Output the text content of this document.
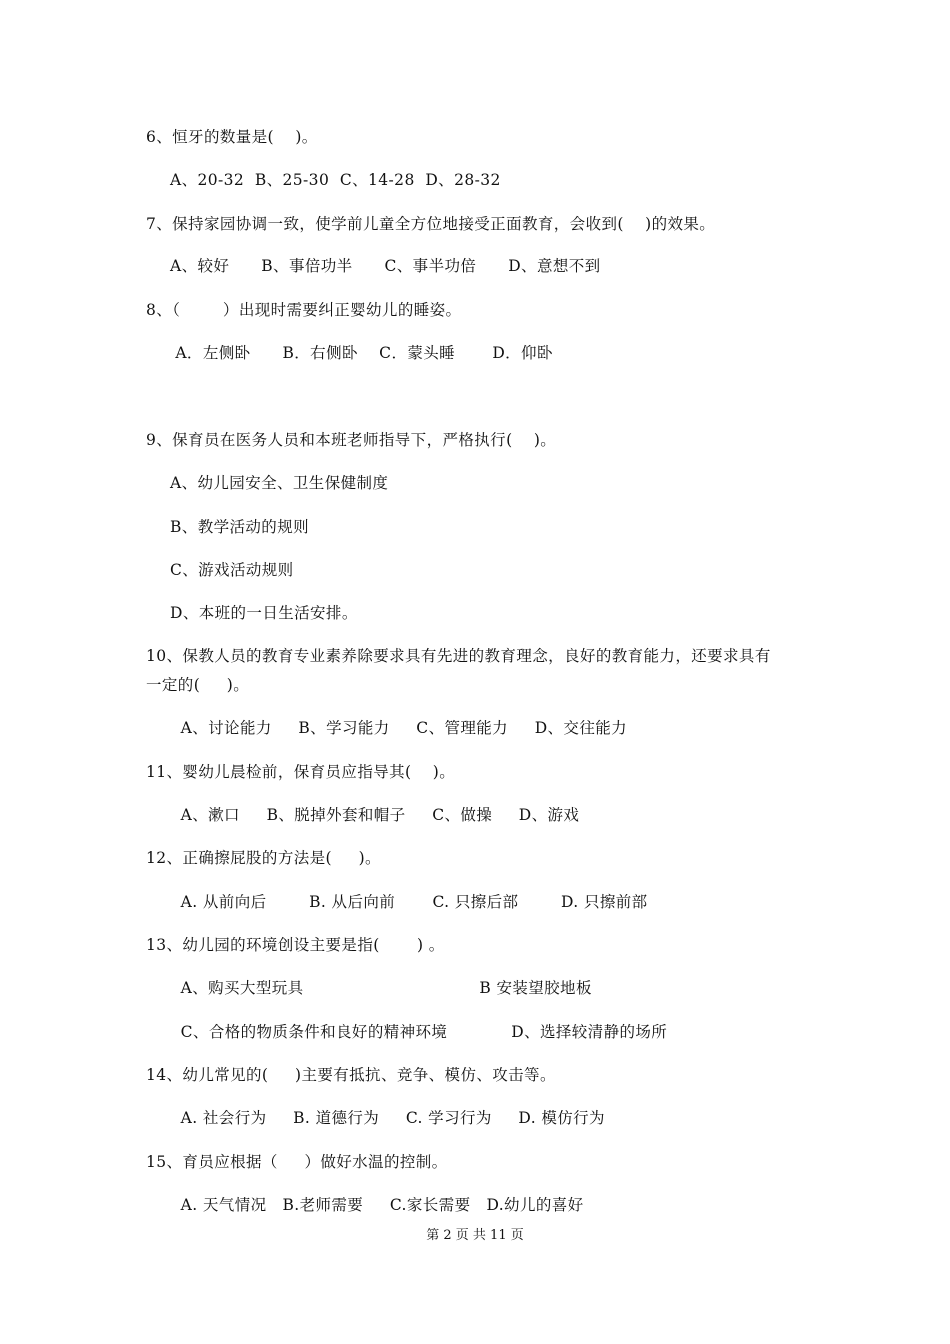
6、恒牙的数量是(    )。
A、20-32  B、25-30  C、14-28  D、28-32
7、保持家园协调一致，使学前儿童全方位地接受正面教育，会收到(    )的效果。
A、较好      B、事倍功半      C、事半功倍      D、意想不到
8、（        ）出现时需要纠正婴幼儿的睡姿。
A．左侧卧      B．右侧卧    C．蒙头睡       D．仰卧
9、保育员在医务人员和本班老师指导下，严格执行(    )。
A、幼儿园安全、卫生保健制度
B、教学活动的规则
C、游戏活动规则
D、本班的一日生活安排。
10、保教人员的教育专业素养除要求具有先进的教育理念，良好的教育能力，还要求具有
一定的(     )。
A、讨论能力     B、学习能力     C、管理能力     D、交往能力
11、婴幼儿晨检前，保育员应指导其(    )。
A、漱口     B、脱掉外套和帽子     C、做操     D、游戏
12、正确擦屁股的方法是(     )。
A. 从前向后        B. 从后向前       C. 只擦后部        D. 只擦前部
13、幼儿园的环境创设主要是指(       ) 。
A、购买大型玩具                                 B 安装望胶地板
C、合格的物质条件和良好的精神环境            D、选择较清静的场所
14、幼儿常见的(     )主要有抵抗、竞争、模仿、攻击等。
A. 社会行为     B. 道德行为     C. 学习行为     D. 模仿行为
15、育员应根据（     ）做好水温的控制。
A. 天气情况   B.老师需要     C.家长需要   D.幼儿的喜好
第 2 页 共 11 页
